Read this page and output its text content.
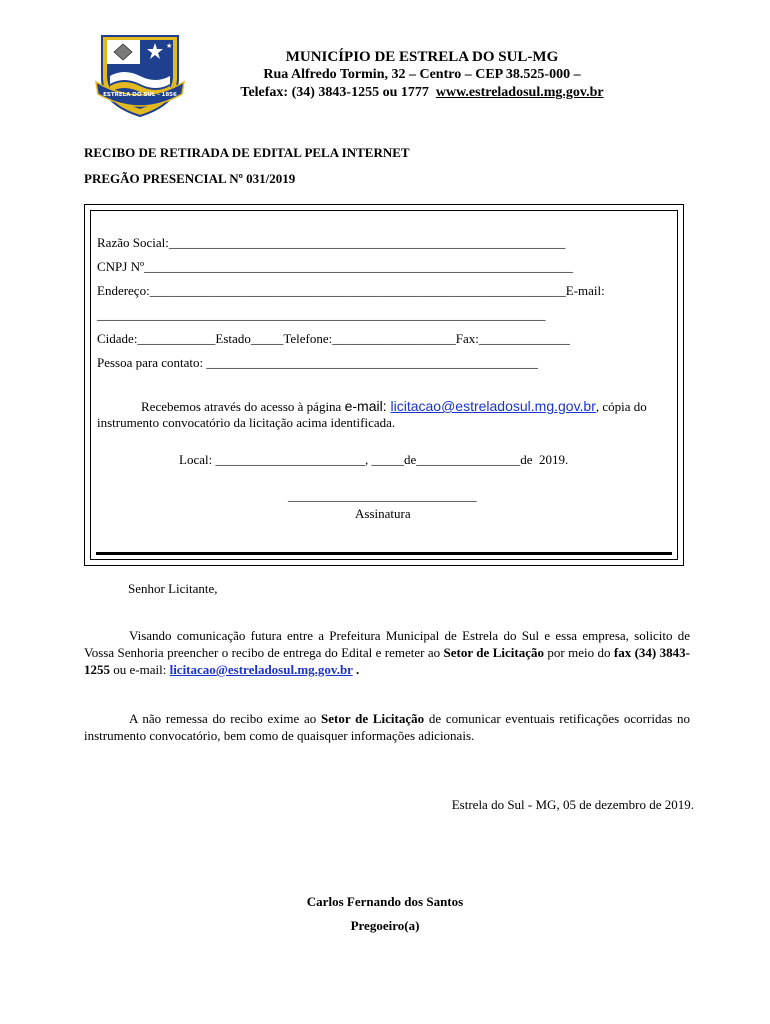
★
ESTRELA DO SUL - 1856
MUNICÍPIO DE ESTRELA DO SUL-MG
Rua Alfredo Tormin, 32 – Centro – CEP 38.525-000 –
Telefax: (34) 3843-1255 ou 1777 www.estreladosul.mg.gov.br
RECIBO DE RETIRADA DE EDITAL PELA INTERNET
PREGÃO PRESENCIAL Nº 031/2019
Razão Social:_____________________________________________________________
CNPJ Nº__________________________________________________________________
Endereço:________________________________________________________________E-mail:
_____________________________________________________________________
Cidade:____________Estado_____Telefone:___________________Fax:______________
Pessoa para contato: ___________________________________________________
Recebemos através do acesso à página e-mail: licitacao@estreladosul.mg.gov.br, cópia do
instrumento convocatório da licitação acima identificada.
Local: _______________________, _____de________________de  2019.
_____________________________
Assinatura
Senhor Licitante,
Visando comunicação futura entre a Prefeitura Municipal de Estrela do Sul e essa empresa, solicito de Vossa Senhoria preencher o recibo de entrega do Edital e remeter ao Setor de Licitação por meio do fax (34) 3843-1255 ou e-mail: licitacao@estreladosul.mg.gov.br .
A não remessa do recibo exime ao Setor de Licitação de comunicar eventuais retificações ocorridas no instrumento convocatório, bem como de quaisquer informações adicionais.
Estrela do Sul - MG, 05 de dezembro de 2019.
Carlos Fernando dos Santos
Pregoeiro(a)
